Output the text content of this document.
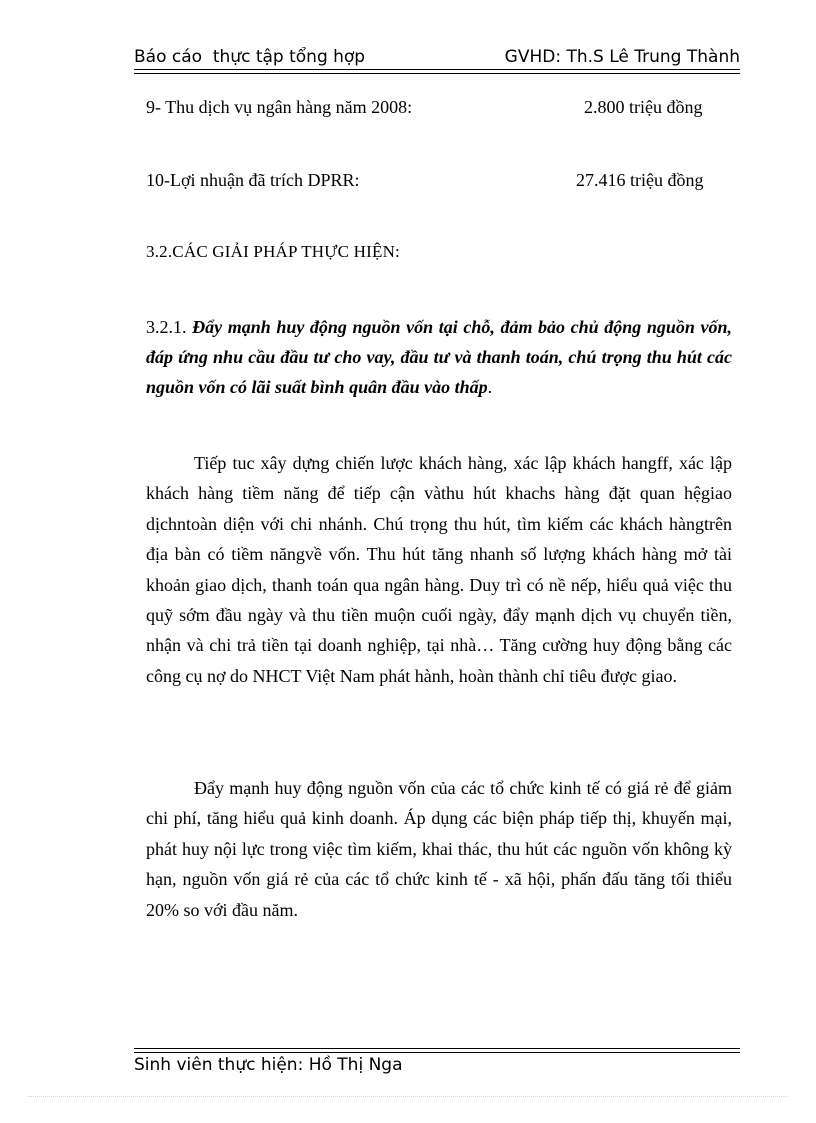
Báo cáo  thực tập tổng hợp	GVHD: Th.S Lê Trung Thành
9- Thu dịch vụ ngân hàng năm 2008:	2.800 triệu đồng
10-Lợi nhuận đã trích DPRR:	27.416 triệu đồng
3.2.CÁC GIẢI PHÁP THỰC HIỆN:
3.2.1. Đẩy mạnh huy động nguồn vốn tại chỗ, đảm bảo chủ động nguồn vốn, đáp ứng nhu cầu đầu tư cho vay, đầu tư và thanh toán, chú trọng thu hút các nguồn vốn có lãi suất bình quân đầu vào thấp.
Tiếp tuc xây dựng chiến lược khách hàng, xác lập khách hangff, xác lập khách hàng tiềm năng để tiếp cận vàthu hút khachs hàng đặt quan hệgiao dịchntoàn diện với chi nhánh. Chú trọng thu hút, tìm kiếm các khách hàngtrên địa bàn có tiềm năngvề vốn. Thu hút tăng nhanh số lượng khách hàng mở tài khoản giao dịch, thanh toán qua ngân hàng. Duy trì có nề nếp, hiểu quả việc thu quỹ sớm đầu ngày và thu tiền muộn cuối ngày, đẩy mạnh dịch vụ chuyển tiền, nhận và chi trả tiền tại doanh nghiệp, tại nhà… Tăng cường huy động bằng các công cụ nợ do NHCT Việt Nam phát hành, hoàn thành chỉ tiêu được giao.
Đẩy mạnh huy động nguồn vốn của các tổ chức kinh tế có giá rẻ để giảm chi phí, tăng hiểu quả kinh doanh. Áp dụng các biện pháp tiếp thị, khuyến mại, phát huy nội lực trong việc tìm kiếm, khai thác, thu hút các nguồn vốn không kỳ hạn, nguồn vốn giá rẻ của các tổ chức kinh tế - xã hội, phấn đấu tăng tối thiểu 20% so với đầu năm.
Sinh viên thực hiện: Hồ Thị Nga
